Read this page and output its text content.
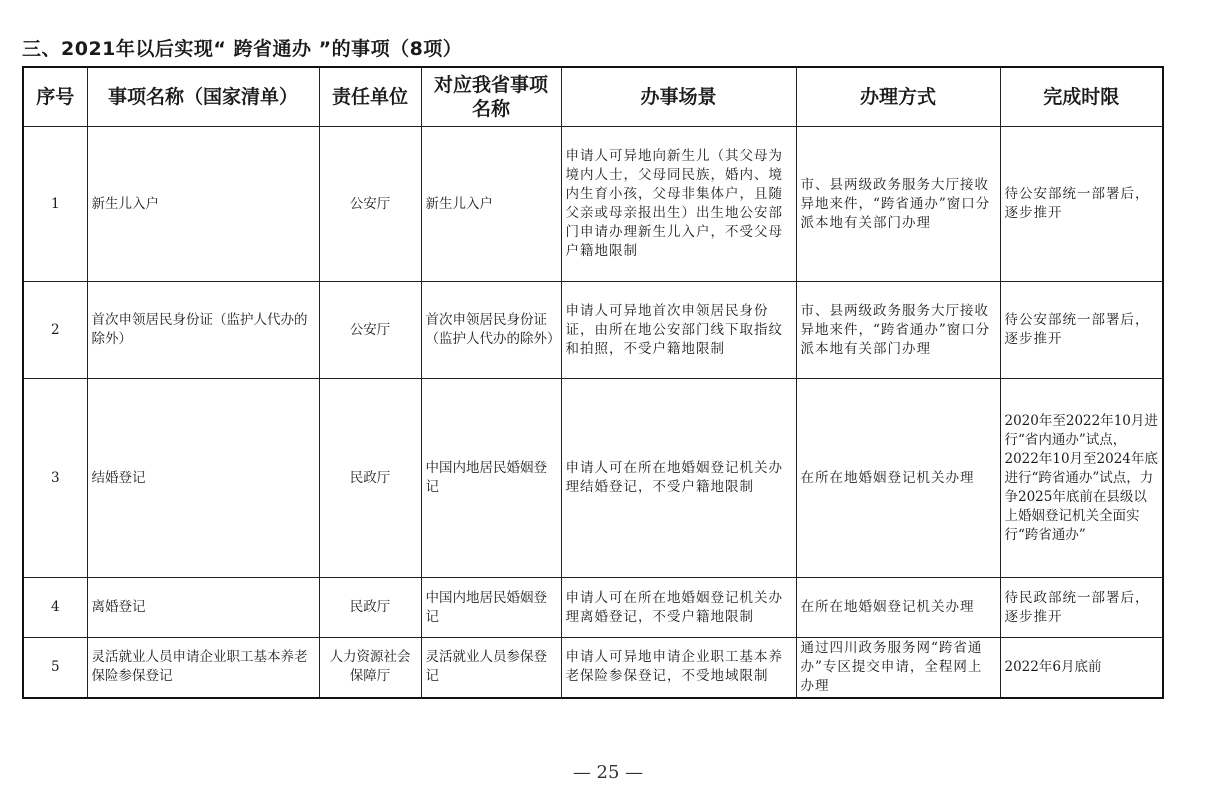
三、2021年以后实现“ 跨省通办 ”的事项（8项）
序号	事项名称（国家清单）	责任单位	对应我省事项名称	办事场景	办理方式	完成时限
1	新生儿入户	公安厅	新生儿入户	申请人可异地向新生儿（其父母为境内人士，父母同民族，婚内、境内生育小孩，父母非集体户，且随父亲或母亲报出生）出生地公安部门申请办理新生儿入户，不受父母户籍地限制	市、县两级政务服务大厅接收异地来件，“跨省通办”窗口分派本地有关部门办理	待公安部统一部署后，逐步推开
2	首次申领居民身份证（监护人代办的除外）	公安厅	首次申领居民身份证（监护人代办的除外）	申请人可异地首次申领居民身份证，由所在地公安部门线下取指纹和拍照，不受户籍地限制	市、县两级政务服务大厅接收异地来件，“跨省通办”窗口分派本地有关部门办理	待公安部统一部署后，逐步推开
3	结婚登记	民政厅	中国内地居民婚姻登记	申请人可在所在地婚姻登记机关办理结婚登记，不受户籍地限制	在所在地婚姻登记机关办理	2020年至2022年10月进行“省内通办”试点，2022年10月至2024年底进行“跨省通办”试点，力争2025年底前在县级以上婚姻登记机关全面实行“跨省通办”
4	离婚登记	民政厅	中国内地居民婚姻登记	申请人可在所在地婚姻登记机关办理离婚登记，不受户籍地限制	在所在地婚姻登记机关办理	待民政部统一部署后，逐步推开
5	灵活就业人员申请企业职工基本养老保险参保登记	人力资源社会保障厅	灵活就业人员参保登记	申请人可异地申请企业职工基本养老保险参保登记，不受地域限制	通过四川政务服务网“跨省通办”专区提交申请，全程网上办理	2022年6月底前
— 25 —
